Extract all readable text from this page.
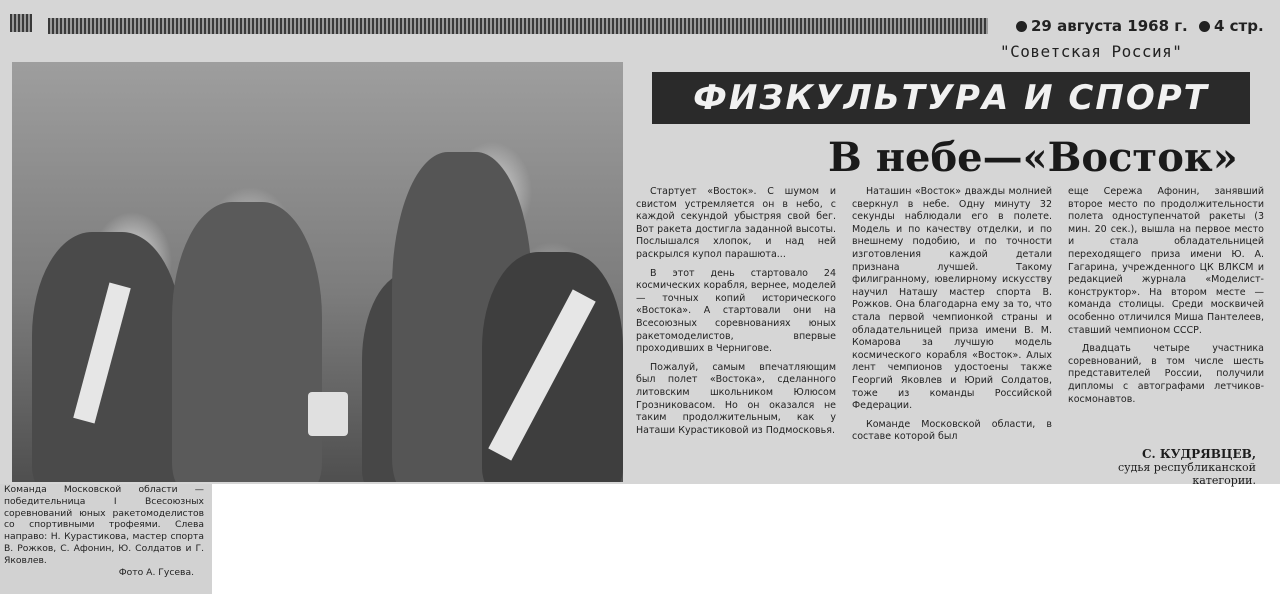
29 августа 1968 г. 4 стр.
"Советская Россия"
ФИЗКУЛЬТУРА И СПОРТ
В небе—«Восток»

Стартует «Восток». С шумом и свистом устремляется он в небо, с каждой секундой убыстряя свой бег. Вот ракета достигла заданной высоты. Послышался хлопок, и над ней раскрылся купол парашюта...

В этот день стартовало 24 космических корабля, вернее, моделей — точных копий исторического «Востока». А стартовали они на Всесоюзных соревнованиях юных ракетомоделистов, впервые проходивших в Чернигове.

Пожалуй, самым впечатляющим был полет «Востока», сделанного литовским школьником Юлюсом Грозниковасом. Но он оказался не таким продолжительным, как у Наташи Курастиковой из Подмосковья.

Наташин «Восток» дважды молнией сверкнул в небе. Одну минуту 32 секунды наблюдали его в полете. Модель и по качеству отделки, и по внешнему подобию, и по точности изготовления каждой детали признана лучшей. Такому филигранному, ювелирному искусству научил Наташу мастер спорта В. Рожков. Она благодарна ему за то, что стала первой чемпионкой страны и обладательницей приза имени В. М. Комарова за лучшую модель космического корабля «Восток». Алых лент чемпионов удостоены также Георгий Яковлев и Юрий Солдатов, тоже из команды Российской Федерации.

Команде Московской области, в составе которой был

еще Сережа Афонин, занявший второе место по продолжительности полета одноступенчатой ракеты (3 мин. 20 сек.), вышла на первое место и стала обладательницей переходящего приза имени Ю. А. Гагарина, учрежденного ЦК ВЛКСМ и редакцией журнала «Моделист-конструктор». На втором месте — команда столицы. Среди москвичей особенно отличился Миша Пантелеев, ставший чемпионом СССР.

Двадцать четыре участника соревнований, в том числе шесть представителей России, получили дипломы с автографами летчиков-космонавтов.

С. КУДРЯВЦЕВ,
судья республиканской категории.
Команда Московской области — победительница I Всесоюзных соревнований юных ракетомоделистов со спортивными трофеями. Слева направо: Н. Курастикова, мастер спорта В. Рожков, С. Афонин, Ю. Солдатов и Г. Яковлев.
Фото А. Гусева.
